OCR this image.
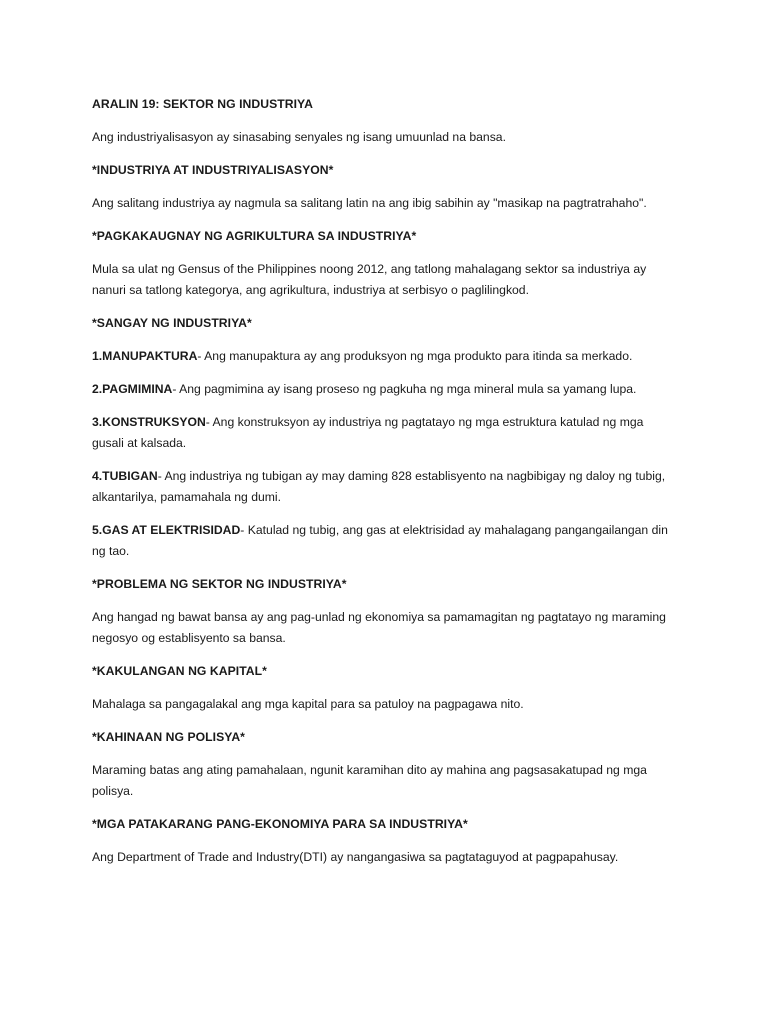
ARALIN 19: SEKTOR NG INDUSTRIYA

Ang industriyalisasyon ay sinasabing senyales ng isang umuunlad na bansa.

*INDUSTRIYA AT INDUSTRIYALISASYON*

Ang salitang industriya ay nagmula sa salitang latin na ang ibig sabihin ay "masikap na pagtratrahaho".

*PAGKAKAUGNAY NG AGRIKULTURA SA INDUSTRIYA*

Mula sa ulat ng Gensus of the Philippines noong 2012, ang tatlong mahalagang sektor sa industriya ay nanuri sa tatlong kategorya, ang agrikultura, industriya at serbisyo o paglilingkod.

*SANGAY NG INDUSTRIYA*

1.MANUPAKTURA- Ang manupaktura ay ang produksyon ng mga produkto para itinda sa merkado.

2.PAGMIMINA- Ang pagmimina ay isang proseso ng pagkuha ng mga mineral mula sa yamang lupa.

3.KONSTRUKSYON- Ang konstruksyon ay industriya ng pagtatayo ng mga estruktura katulad ng mga gusali at kalsada.

4.TUBIGAN- Ang industriya ng tubigan ay may daming 828 establisyento na nagbibigay ng daloy ng tubig, alkantarilya, pamamahala ng dumi.

5.GAS AT ELEKTRISIDAD- Katulad ng tubig, ang gas at elektrisidad ay mahalagang pangangailangan din ng tao.

*PROBLEMA NG SEKTOR NG INDUSTRIYA*

Ang hangad ng bawat bansa ay ang pag-unlad ng ekonomiya sa pamamagitan ng pagtatayo ng maraming negosyo og establisyento sa bansa.

*KAKULANGAN NG KAPITAL*

Mahalaga sa pangagalakal ang mga kapital para sa patuloy na pagpagawa nito.

*KAHINAAN NG POLISYA*

Maraming batas ang ating pamahalaan, ngunit karamihan dito ay mahina ang pagsasakatupad ng mga polisya.

*MGA PATAKARANG PANG-EKONOMIYA PARA SA INDUSTRIYA*

Ang Department of Trade and Industry(DTI) ay nangangasiwa sa pagtataguyod at pagpapahusay.
